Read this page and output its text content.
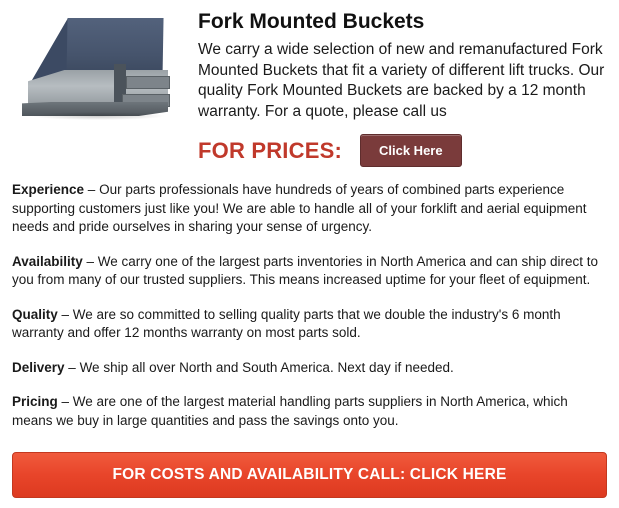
Fork Mounted Buckets

We carry a wide selection of new and remanufactured Fork Mounted Buckets that fit a variety of different lift trucks. Our quality Fork Mounted Buckets are backed by a 12 month warranty. For a quote, please call us

FOR PRICES:	Click Here

Experience – Our parts professionals have hundreds of years of combined parts experience supporting customers just like you! We are able to handle all of your forklift and aerial equipment needs and pride ourselves in sharing your sense of urgency.

Availability – We carry one of the largest parts inventories in North America and can ship direct to you from many of our trusted suppliers. This means increased uptime for your fleet of equipment.

Quality – We are so committed to selling quality parts that we double the industry's 6 month warranty and offer 12 months warranty on most parts sold.

Delivery – We ship all over North and South America. Next day if needed.

Pricing – We are one of the largest material handling parts suppliers in North America, which means we buy in large quantities and pass the savings onto you.

FOR COSTS AND AVAILABILITY CALL: CLICK HERE
